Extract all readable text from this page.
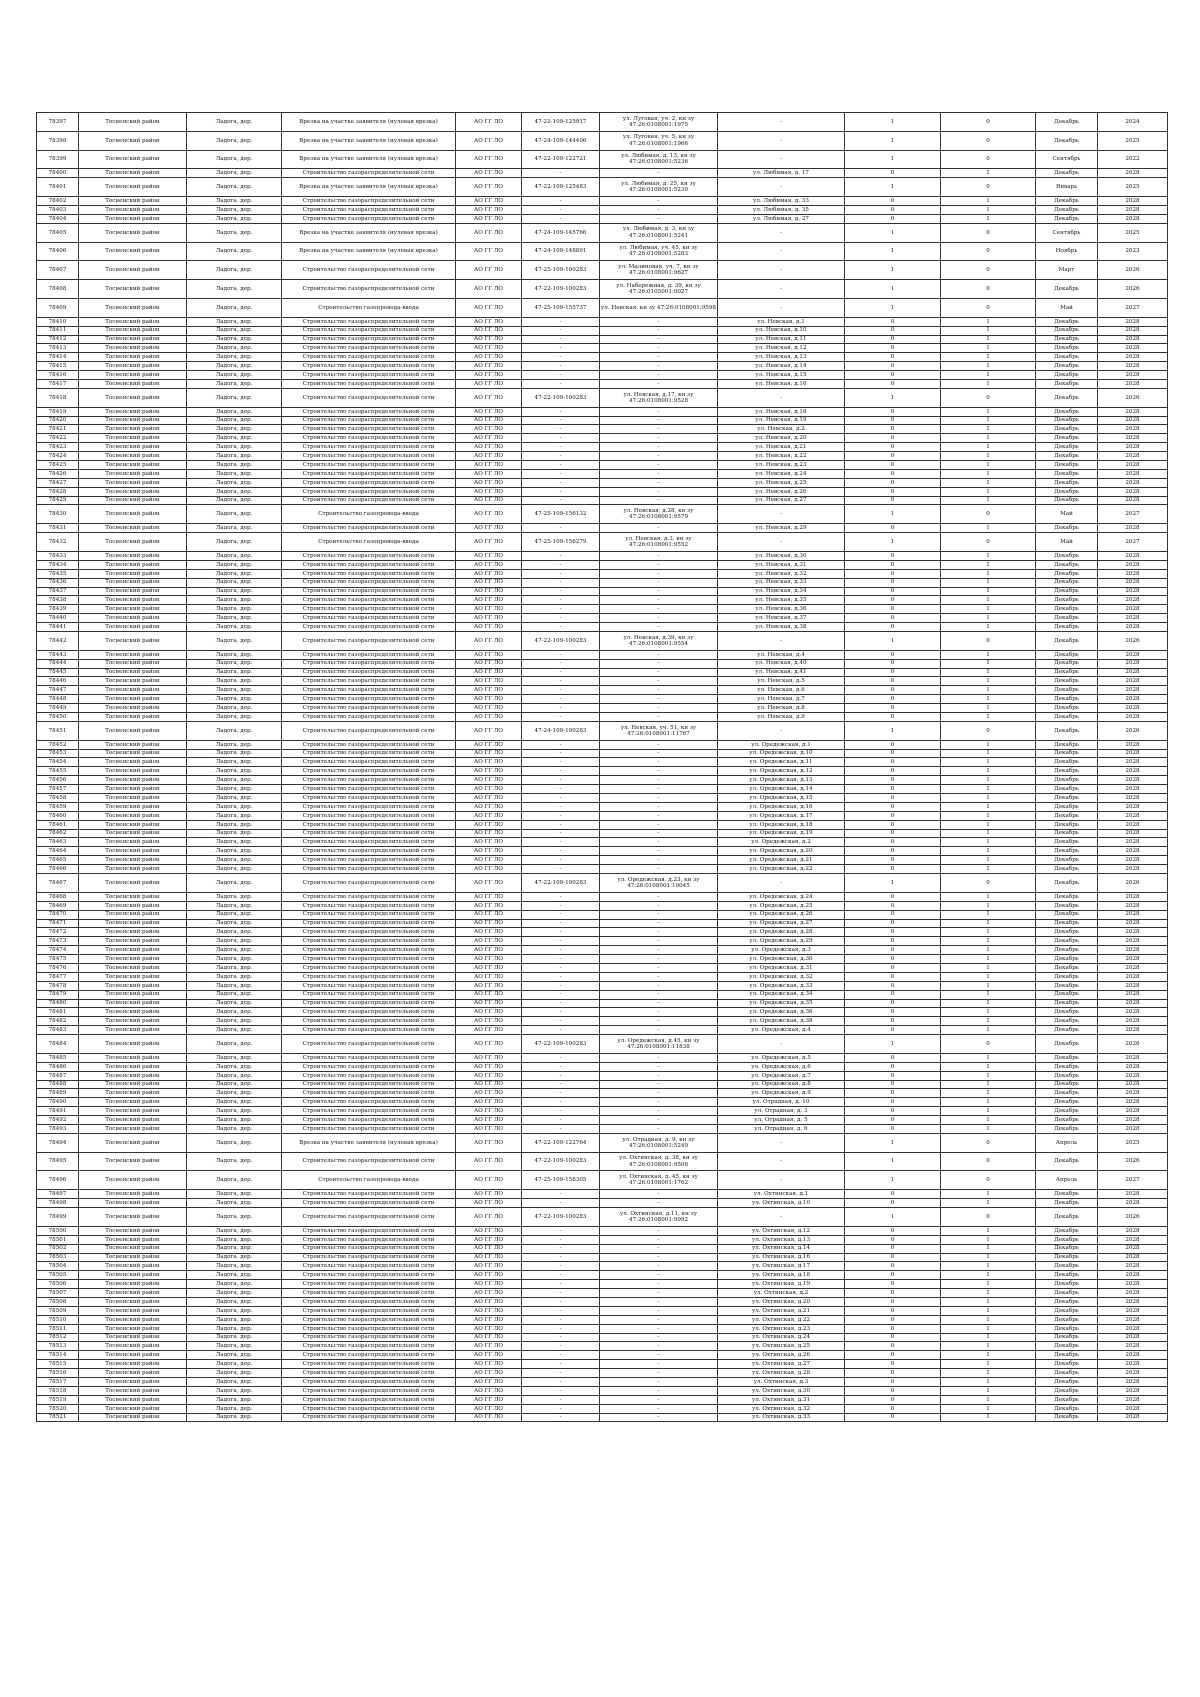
78397	Тосненский район	Ладога, дер.	Врезка на участке заявителя (нулевая врезка)	АО ГГ ЛО	47-22-109-125917	ул. Луговая, уч. 2, кн зу 47:26:0108001:1975	-	1	0	Декабрь	2024
78398	Тосненский район	Ладога, дер.	Врезка на участке заявителя (нулевая врезка)	АО ГГ ЛО	47-24-109-144406	ул. Луговая, уч. 5, кн зу 47:26:0108001:1966	-	1	0	Декабрь	2025
78399	Тосненский район	Ладога, дер.	Врезка на участке заявителя (нулевая врезка)	АО ГГ ЛО	47-22-109-122721	ул. Любимая, д. 13, кн зу 47:26:0108001:5236	-	1	0	Сентябрь	2022
78400	Тосненский район	Ладога, дер.	Строительство газораспределительной сети	АО ГГ ЛО	-	-	ул. Любимая, д. 17	0	1	Декабрь	2028
78401	Тосненский район	Ладога, дер.	Врезка на участке заявителя (нулевая врезка)	АО ГГ ЛО	47-22-109-125483	ул. Любимая, д. 25, кн зу 47:26:0108001:5230	-	1	0	Январь	2025
78402	Тосненский район	Ладога, дер.	Строительство газораспределительной сети	АО ГГ ЛО	-	-	ул. Любимая, д. 33	0	1	Декабрь	2028
78403	Тосненский район	Ладога, дер.	Строительство газораспределительной сети	АО ГГ ЛО	-	-	ул. Любимая, д. 35	0	1	Декабрь	2028
78404	Тосненский район	Ладога, дер.	Строительство газораспределительной сети	АО ГГ ЛО	-	-	ул. Любимая, д. 27	0	1	Декабрь	2028
78405	Тосненский район	Ладога, дер.	Врезка на участке заявителя (нулевая врезка)	АО ГГ ЛО	47-24-109-145766	ул. Любимая, д. 3, кн зу 47:26:0108001:5241	-	1	0	Сентябрь	2025
78406	Тосненский район	Ладога, дер.	Врезка на участке заявителя (нулевая врезка)	АО ГГ ЛО	47-24-109-148891	ул. Любимая, уч. 45, кн зу 47:26:0108001:5283	-	1	0	Ноябрь	2023
78407	Тосненский район	Ладога, дер.	Строительство газораспределительной сети	АО ГГ ЛО	47-25-109-100283	ул. Малиновая, уч. 7, кн зу 47:26:0108001:9627	-	1	0	Март	2026
78408	Тосненский район	Ладога, дер.	Строительство газораспределительной сети	АО ГГ ЛО	47-22-109-100283	ул. Набережная, д. 39, кн зу 47:26:0105001:0027	-	1	0	Декабрь	2026
78409	Тосненский район	Ладога, дер.	Строительство газопровода-ввода	АО ГГ ЛО	47-25-109-155737	ул. Невская, кн зу 47:26:0108001:9598	-	1	0	Май	2027
78410	Тосненский район	Ладога, дер.	Строительство газораспределительной сети	АО ГГ ЛО	-	-	ул. Невская, д.1	0	1	Декабрь	2028
78411	Тосненский район	Ладога, дер.	Строительство газораспределительной сети	АО ГГ ЛО	-	-	ул. Невская, д.10	0	1	Декабрь	2028
78412	Тосненский район	Ладога, дер.	Строительство газораспределительной сети	АО ГГ ЛО	-	-	ул. Невская, д.11	0	1	Декабрь	2028
78413	Тосненский район	Ладога, дер.	Строительство газораспределительной сети	АО ГГ ЛО	-	-	ул. Невская, д.12	0	1	Декабрь	2028
78414	Тосненский район	Ладога, дер.	Строительство газораспределительной сети	АО ГГ ЛО	-	-	ул. Невская, д.13	0	1	Декабрь	2028
78415	Тосненский район	Ладога, дер.	Строительство газораспределительной сети	АО ГГ ЛО	-	-	ул. Невская, д.14	0	1	Декабрь	2028
78416	Тосненский район	Ладога, дер.	Строительство газораспределительной сети	АО ГГ ЛО	-	-	ул. Невская, д.15	0	1	Декабрь	2028
78417	Тосненский район	Ладога, дер.	Строительство газораспределительной сети	АО ГГ ЛО	-	-	ул. Невская, д.16	0	1	Декабрь	2028
78418	Тосненский район	Ладога, дер.	Строительство газораспределительной сети	АО ГГ ЛО	47-22-109-100283	ул. Невская, д.17, кн зу 47:26:0108001:9528	-	1	0	Декабрь	2026
78419	Тосненский район	Ладога, дер.	Строительство газораспределительной сети	АО ГГ ЛО	-	-	ул. Невская, д.18	0	1	Декабрь	2028
78420	Тосненский район	Ладога, дер.	Строительство газораспределительной сети	АО ГГ ЛО	-	-	ул. Невская, д.19	0	1	Декабрь	2028
78421	Тосненский район	Ладога, дер.	Строительство газораспределительной сети	АО ГГ ЛО	-	-	ул. Невская, д.2	0	1	Декабрь	2028
78422	Тосненский район	Ладога, дер.	Строительство газораспределительной сети	АО ГГ ЛО	-	-	ул. Невская, д.20	0	1	Декабрь	2028
78423	Тосненский район	Ладога, дер.	Строительство газораспределительной сети	АО ГГ ЛО	-	-	ул. Невская, д.21	0	1	Декабрь	2028
78424	Тосненский район	Ладога, дер.	Строительство газораспределительной сети	АО ГГ ЛО	-	-	ул. Невская, д.22	0	1	Декабрь	2028
78425	Тосненский район	Ладога, дер.	Строительство газораспределительной сети	АО ГГ ЛО	-	-	ул. Невская, д.23	0	1	Декабрь	2028
78426	Тосненский район	Ладога, дер.	Строительство газораспределительной сети	АО ГГ ЛО	-	-	ул. Невская, д.24	0	1	Декабрь	2028
78427	Тосненский район	Ладога, дер.	Строительство газораспределительной сети	АО ГГ ЛО	-	-	ул. Невская, д.25	0	1	Декабрь	2028
78428	Тосненский район	Ладога, дер.	Строительство газораспределительной сети	АО ГГ ЛО	-	-	ул. Невская, д.26	0	1	Декабрь	2028
78429	Тосненский район	Ладога, дер.	Строительство газораспределительной сети	АО ГГ ЛО	-	-	ул. Невская, д.27	0	1	Декабрь	2028
78430	Тосненский район	Ладога, дер.	Строительство газопровода-ввода	АО ГГ ЛО	47-25-109-156132	ул. Невская, д.28, кн зу 47:26:0108001:9579	-	1	0	Май	2027
78431	Тосненский район	Ладога, дер.	Строительство газораспределительной сети	АО ГГ ЛО	-	-	ул. Невская, д.29	0	1	Декабрь	2028
78432	Тосненский район	Ладога, дер.	Строительство газопровода-ввода	АО ГГ ЛО	47-25-109-156279	ул. Невская, д.3, кн зу 47:26:0108001:9552	-	1	0	Май	2027
78433	Тосненский район	Ладога, дер.	Строительство газораспределительной сети	АО ГГ ЛО	-	-	ул. Невская, д.30	0	1	Декабрь	2028
78434	Тосненский район	Ладога, дер.	Строительство газораспределительной сети	АО ГГ ЛО	-	-	ул. Невская, д.31	0	1	Декабрь	2028
78435	Тосненский район	Ладога, дер.	Строительство газораспределительной сети	АО ГГ ЛО	-	-	ул. Невская, д.32	0	1	Декабрь	2028
78436	Тосненский район	Ладога, дер.	Строительство газораспределительной сети	АО ГГ ЛО	-	-	ул. Невская, д.33	0	1	Декабрь	2028
78437	Тосненский район	Ладога, дер.	Строительство газораспределительной сети	АО ГГ ЛО	-	-	ул. Невская, д.34	0	1	Декабрь	2028
78438	Тосненский район	Ладога, дер.	Строительство газораспределительной сети	АО ГГ ЛО	-	-	ул. Невская, д.35	0	1	Декабрь	2028
78439	Тосненский район	Ладога, дер.	Строительство газораспределительной сети	АО ГГ ЛО	-	-	ул. Невская, д.36	0	1	Декабрь	2028
78440	Тосненский район	Ладога, дер.	Строительство газораспределительной сети	АО ГГ ЛО	-	-	ул. Невская, д.37	0	1	Декабрь	2028
78441	Тосненский район	Ладога, дер.	Строительство газораспределительной сети	АО ГГ ЛО	-	-	ул. Невская, д.38	0	1	Декабрь	2028
78442	Тосненский район	Ладога, дер.	Строительство газораспределительной сети	АО ГГ ЛО	47-22-109-100283	ул. Невская, д.39, кн зу 47:26:0108001:9554	-	1	0	Декабрь	2026
78443	Тосненский район	Ладога, дер.	Строительство газораспределительной сети	АО ГГ ЛО	-	-	ул. Невская, д.4	0	1	Декабрь	2028
78444	Тосненский район	Ладога, дер.	Строительство газораспределительной сети	АО ГГ ЛО	-	-	ул. Невская, д.40	0	1	Декабрь	2028
78445	Тосненский район	Ладога, дер.	Строительство газораспределительной сети	АО ГГ ЛО	-	-	ул. Невская, д.41	0	1	Декабрь	2028
78446	Тосненский район	Ладога, дер.	Строительство газораспределительной сети	АО ГГ ЛО	-	-	ул. Невская, д.5	0	1	Декабрь	2028
78447	Тосненский район	Ладога, дер.	Строительство газораспределительной сети	АО ГГ ЛО	-	-	ул. Невская, д.6	0	1	Декабрь	2028
78448	Тосненский район	Ладога, дер.	Строительство газораспределительной сети	АО ГГ ЛО	-	-	ул. Невская, д.7	0	1	Декабрь	2028
78449	Тосненский район	Ладога, дер.	Строительство газораспределительной сети	АО ГГ ЛО	-	-	ул. Невская, д.8	0	1	Декабрь	2028
78450	Тосненский район	Ладога, дер.	Строительство газораспределительной сети	АО ГГ ЛО	-	-	ул. Невская, д.9	0	1	Декабрь	2028
78451	Тосненский район	Ладога, дер.	Строительство газораспределительной сети	АО ГГ ЛО	47-24-109-100283	ул. Невская, уч. 51, кн зу 47:26:0108001:11767	-	1	0	Декабрь	2026
78452	Тосненский район	Ладога, дер.	Строительство газораспределительной сети	АО ГГ ЛО	-	-	ул. Оредежская, д.1	0	1	Декабрь	2028
78453	Тосненский район	Ладога, дер.	Строительство газораспределительной сети	АО ГГ ЛО	-	-	ул. Оредежская, д.10	0	1	Декабрь	2028
78454	Тосненский район	Ладога, дер.	Строительство газораспределительной сети	АО ГГ ЛО	-	-	ул. Оредежская, д.11	0	1	Декабрь	2028
78455	Тосненский район	Ладога, дер.	Строительство газораспределительной сети	АО ГГ ЛО	-	-	ул. Оредежская, д.12	0	1	Декабрь	2028
78456	Тосненский район	Ладога, дер.	Строительство газораспределительной сети	АО ГГ ЛО	-	-	ул. Оредежская, д.13	0	1	Декабрь	2028
78457	Тосненский район	Ладога, дер.	Строительство газораспределительной сети	АО ГГ ЛО	-	-	ул. Оредежская, д.14	0	1	Декабрь	2028
78458	Тосненский район	Ладога, дер.	Строительство газораспределительной сети	АО ГГ ЛО	-	-	ул. Оредежская, д.15	0	1	Декабрь	2028
78459	Тосненский район	Ладога, дер.	Строительство газораспределительной сети	АО ГГ ЛО	-	-	ул. Оредежская, д.16	0	1	Декабрь	2028
78460	Тосненский район	Ладога, дер.	Строительство газораспределительной сети	АО ГГ ЛО	-	-	ул. Оредежская, д.17	0	1	Декабрь	2028
78461	Тосненский район	Ладога, дер.	Строительство газораспределительной сети	АО ГГ ЛО	-	-	ул. Оредежская, д.18	0	1	Декабрь	2028
78462	Тосненский район	Ладога, дер.	Строительство газораспределительной сети	АО ГГ ЛО	-	-	ул. Оредежская, д.19	0	1	Декабрь	2028
78463	Тосненский район	Ладога, дер.	Строительство газораспределительной сети	АО ГГ ЛО	-	-	ул. Оредежская, д.2	0	1	Декабрь	2028
78464	Тосненский район	Ладога, дер.	Строительство газораспределительной сети	АО ГГ ЛО	-	-	ул. Оредежская, д.20	0	1	Декабрь	2028
78465	Тосненский район	Ладога, дер.	Строительство газораспределительной сети	АО ГГ ЛО	-	-	ул. Оредежская, д.21	0	1	Декабрь	2028
78466	Тосненский район	Ладога, дер.	Строительство газораспределительной сети	АО ГГ ЛО	-	-	ул. Оредежская, д.22	0	1	Декабрь	2028
78467	Тосненский район	Ладога, дер.	Строительство газораспределительной сети	АО ГГ ЛО	47-22-109-100283	ул. Оредежская, д.23, кн зу 47:26:0108001:10045	-	1	0	Декабрь	2026
78468	Тосненский район	Ладога, дер.	Строительство газораспределительной сети	АО ГГ ЛО	-	-	ул. Оредежская, д.24	0	1	Декабрь	2028
78469	Тосненский район	Ладога, дер.	Строительство газораспределительной сети	АО ГГ ЛО	-	-	ул. Оредежская, д.25	0	1	Декабрь	2028
78470	Тосненский район	Ладога, дер.	Строительство газораспределительной сети	АО ГГ ЛО	-	-	ул. Оредежская, д.26	0	1	Декабрь	2028
78471	Тосненский район	Ладога, дер.	Строительство газораспределительной сети	АО ГГ ЛО	-	-	ул. Оредежская, д.27	0	1	Декабрь	2028
78472	Тосненский район	Ладога, дер.	Строительство газораспределительной сети	АО ГГ ЛО	-	-	ул. Оредежская, д.28	0	1	Декабрь	2028
78473	Тосненский район	Ладога, дер.	Строительство газораспределительной сети	АО ГГ ЛО	-	-	ул. Оредежская, д.29	0	1	Декабрь	2028
78474	Тосненский район	Ладога, дер.	Строительство газораспределительной сети	АО ГГ ЛО	-	-	ул. Оредежская, д.3	0	1	Декабрь	2028
78475	Тосненский район	Ладога, дер.	Строительство газораспределительной сети	АО ГГ ЛО	-	-	ул. Оредежская, д.30	0	1	Декабрь	2028
78476	Тосненский район	Ладога, дер.	Строительство газораспределительной сети	АО ГГ ЛО	-	-	ул. Оредежская, д.31	0	1	Декабрь	2028
78477	Тосненский район	Ладога, дер.	Строительство газораспределительной сети	АО ГГ ЛО	-	-	ул. Оредежская, д.32	0	1	Декабрь	2028
78478	Тосненский район	Ладога, дер.	Строительство газораспределительной сети	АО ГГ ЛО	-	-	ул. Оредежская, д.33	0	1	Декабрь	2028
78479	Тосненский район	Ладога, дер.	Строительство газораспределительной сети	АО ГГ ЛО	-	-	ул. Оредежская, д.34	0	1	Декабрь	2028
78480	Тосненский район	Ладога, дер.	Строительство газораспределительной сети	АО ГГ ЛО	-	-	ул. Оредежская, д.35	0	1	Декабрь	2028
78481	Тосненский район	Ладога, дер.	Строительство газораспределительной сети	АО ГГ ЛО	-	-	ул. Оредежская, д.36	0	1	Декабрь	2028
78482	Тосненский район	Ладога, дер.	Строительство газораспределительной сети	АО ГГ ЛО	-	-	ул. Оредежская, д.38	0	1	Декабрь	2028
78483	Тосненский район	Ладога, дер.	Строительство газораспределительной сети	АО ГГ ЛО	-	-	ул. Оредежская, д.4	0	1	Декабрь	2028
78484	Тосненский район	Ладога, дер.	Строительство газораспределительной сети	АО ГГ ЛО	47-22-109-100283	ул. Оредежская, д.45, кн зу 47:26:0108001:11838	-	1	0	Декабрь	2026
78485	Тосненский район	Ладога, дер.	Строительство газораспределительной сети	АО ГГ ЛО	-	-	ул. Оредежская, д.5	0	1	Декабрь	2028
78486	Тосненский район	Ладога, дер.	Строительство газораспределительной сети	АО ГГ ЛО	-	-	ул. Оредежская, д.6	0	1	Декабрь	2028
78487	Тосненский район	Ладога, дер.	Строительство газораспределительной сети	АО ГГ ЛО	-	-	ул. Оредежская, д.7	0	1	Декабрь	2028
78488	Тосненский район	Ладога, дер.	Строительство газораспределительной сети	АО ГГ ЛО	-	-	ул. Оредежская, д.8	0	1	Декабрь	2028
78489	Тосненский район	Ладога, дер.	Строительство газораспределительной сети	АО ГГ ЛО	-	-	ул. Оредежская, д.9	0	1	Декабрь	2028
78490	Тосненский район	Ладога, дер.	Строительство газораспределительной сети	АО ГГ ЛО	-	-	ул. Отрадная, д. 10	0	1	Декабрь	2028
78491	Тосненский район	Ладога, дер.	Строительство газораспределительной сети	АО ГГ ЛО	-	-	ул. Отрадная, д. 3	0	1	Декабрь	2028
78492	Тосненский район	Ладога, дер.	Строительство газораспределительной сети	АО ГГ ЛО	-	-	ул. Отрадная, д. 5	0	1	Декабрь	2028
78493	Тосненский район	Ладога, дер.	Строительство газораспределительной сети	АО ГГ ЛО	-	-	ул. Отрадная, д. 6	0	1	Декабрь	2028
78494	Тосненский район	Ладога, дер.	Врезка на участке заявителя (нулевая врезка)	АО ГГ ЛО	47-22-109-122764	ул. Отрадная, д. 9, кн зу 47:26:0108001:5249	-	1	0	Апрель	2025
78495	Тосненский район	Ладога, дер.	Строительство газораспределительной сети	АО ГГ ЛО	47-22-109-100283	ул. Охтинская, д. 38, кн зу 47:26:0108001:9508	-	1	0	Декабрь	2026
78496	Тосненский район	Ладога, дер.	Строительство газопровода-ввода	АО ГГ ЛО	47-25-109-158305	ул. Охтинская, д. 45, кн зу 47:26:0108001:1762	-	1	0	Апрель	2027
78497	Тосненский район	Ладога, дер.	Строительство газораспределительной сети	АО ГГ ЛО	-	-	ул. Охтинская, д.1	0	1	Декабрь	2028
78498	Тосненский район	Ладога, дер.	Строительство газораспределительной сети	АО ГГ ЛО	-	-	ул. Охтинская, д.10	0	1	Декабрь	2028
78499	Тосненский район	Ладога, дер.	Строительство газораспределительной сети	АО ГГ ЛО	47-22-109-100283	ул. Охтинская, д.11, кн зу 47:26:0108001:9992	-	1	0	Декабрь	2026
78500	Тосненский район	Ладога, дер.	Строительство газораспределительной сети	АО ГГ ЛО	-	-	ул. Охтинская, д.12	0	1	Декабрь	2028
78501	Тосненский район	Ладога, дер.	Строительство газораспределительной сети	АО ГГ ЛО	-	-	ул. Охтинская, д.13	0	1	Декабрь	2028
78502	Тосненский район	Ладога, дер.	Строительство газораспределительной сети	АО ГГ ЛО	-	-	ул. Охтинская, д.14	0	1	Декабрь	2028
78503	Тосненский район	Ладога, дер.	Строительство газораспределительной сети	АО ГГ ЛО	-	-	ул. Охтинская, д.16	0	1	Декабрь	2028
78504	Тосненский район	Ладога, дер.	Строительство газораспределительной сети	АО ГГ ЛО	-	-	ул. Охтинская, д.17	0	1	Декабрь	2028
78505	Тосненский район	Ладога, дер.	Строительство газораспределительной сети	АО ГГ ЛО	-	-	ул. Охтинская, д.18	0	1	Декабрь	2028
78506	Тосненский район	Ладога, дер.	Строительство газораспределительной сети	АО ГГ ЛО	-	-	ул. Охтинская, д.19	0	1	Декабрь	2028
78507	Тосненский район	Ладога, дер.	Строительство газораспределительной сети	АО ГГ ЛО	-	-	ул. Охтинская, д.2	0	1	Декабрь	2028
78508	Тосненский район	Ладога, дер.	Строительство газораспределительной сети	АО ГГ ЛО	-	-	ул. Охтинская, д.20	0	1	Декабрь	2028
78509	Тосненский район	Ладога, дер.	Строительство газораспределительной сети	АО ГГ ЛО	-	-	ул. Охтинская, д.21	0	1	Декабрь	2028
78510	Тосненский район	Ладога, дер.	Строительство газораспределительной сети	АО ГГ ЛО	-	-	ул. Охтинская, д.22	0	1	Декабрь	2028
78511	Тосненский район	Ладога, дер.	Строительство газораспределительной сети	АО ГГ ЛО	-	-	ул. Охтинская, д.23	0	1	Декабрь	2028
78512	Тосненский район	Ладога, дер.	Строительство газораспределительной сети	АО ГГ ЛО	-	-	ул. Охтинская, д.24	0	1	Декабрь	2028
78513	Тосненский район	Ладога, дер.	Строительство газораспределительной сети	АО ГГ ЛО	-	-	ул. Охтинская, д.25	0	1	Декабрь	2028
78514	Тосненский район	Ладога, дер.	Строительство газораспределительной сети	АО ГГ ЛО	-	-	ул. Охтинская, д.26	0	1	Декабрь	2028
78515	Тосненский район	Ладога, дер.	Строительство газораспределительной сети	АО ГГ ЛО	-	-	ул. Охтинская, д.27	0	1	Декабрь	2028
78516	Тосненский район	Ладога, дер.	Строительство газораспределительной сети	АО ГГ ЛО	-	-	ул. Охтинская, д.28	0	1	Декабрь	2028
78517	Тосненский район	Ладога, дер.	Строительство газораспределительной сети	АО ГГ ЛО	-	-	ул. Охтинская, д.3	0	1	Декабрь	2028
78518	Тосненский район	Ладога, дер.	Строительство газораспределительной сети	АО ГГ ЛО	-	-	ул. Охтинская, д.30	0	1	Декабрь	2028
78519	Тосненский район	Ладога, дер.	Строительство газораспределительной сети	АО ГГ ЛО	-	-	ул. Охтинская, д.31	0	1	Декабрь	2028
78520	Тосненский район	Ладога, дер.	Строительство газораспределительной сети	АО ГГ ЛО	-	-	ул. Охтинская, д.32	0	1	Декабрь	2028
78521	Тосненский район	Ладога, дер.	Строительство газораспределительной сети	АО ГГ ЛО	-	-	ул. Охтинская, д.33	0	1	Декабрь	2028
